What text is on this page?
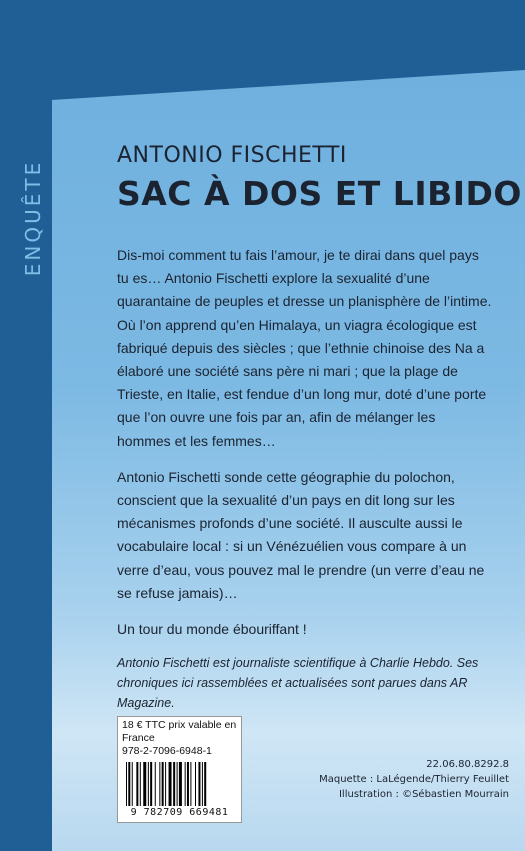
ENQUÊTE
ANTONIO FISCHETTI
SAC À DOS ET LIBIDO

Dis-moi comment tu fais l’amour, je te dirai dans quel pays tu es… Antonio Fischetti explore la sexualité d’une quarantaine de peuples et dresse un planisphère de l’intime. Où l’on apprend qu’en Himalaya, un viagra écologique est fabriqué depuis des siècles ; que l’ethnie chinoise des Na a élaboré une société sans père ni mari ; que la plage de Trieste, en Italie, est fendue d’un long mur, doté d’une porte que l’on ouvre une fois par an, afin de mélanger les hommes et les femmes…

Antonio Fischetti sonde cette géographie du polochon, conscient que la sexualité d’un pays en dit long sur les mécanismes profonds d’une société. Il ausculte aussi le vocabulaire local : si un Vénézuélien vous compare à un verre d’eau, vous pouvez mal le prendre (un verre d’eau ne se refuse jamais)…

Un tour du monde ébouriffant !

Antonio Fischetti est journaliste scientifique à Charlie Hebdo. Ses chroniques ici rassemblées et actualisées sont parues dans AR Magazine.

18 € TTC prix valable en France
978-2-7096-6948-1
9 782709 669481
22.06.80.8292.8
Maquette : LaLégende/Thierry Feuillet
Illustration : ©Sébastien Mourrain
